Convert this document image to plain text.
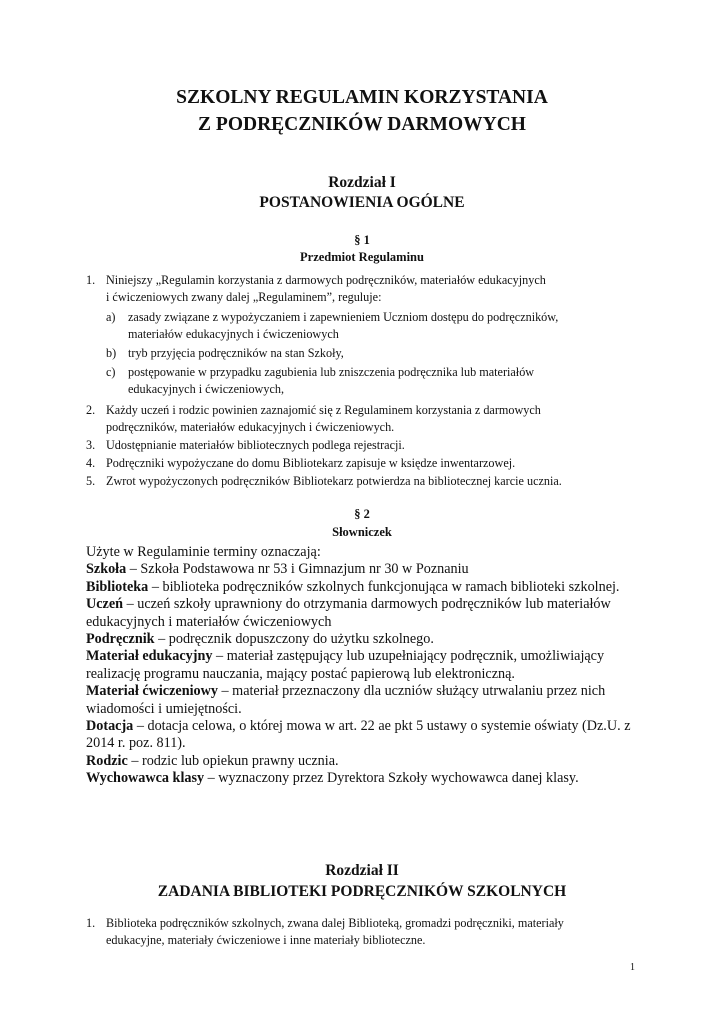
SZKOLNY REGULAMIN KORZYSTANIA
Z PODRĘCZNIKÓW DARMOWYCH
Rozdział I
POSTANOWIENIA OGÓLNE
§ 1
Przedmiot Regulaminu
1. Niniejszy „Regulamin korzystania z darmowych podręczników, materiałów edukacyjnych
i ćwiczeniowych zwany dalej „Regulaminem”, reguluje:
a)	zasady związane z wypożyczaniem i zapewnieniem Uczniom dostępu do podręczników,
materiałów edukacyjnych i ćwiczeniowych
b) tryb przyjęcia podręczników na stan Szkoły,
c)	postępowanie w przypadku zagubienia lub zniszczenia podręcznika lub materiałów
edukacyjnych i ćwiczeniowych,
2. Każdy uczeń i rodzic powinien zaznajomić się z Regulaminem korzystania z darmowych
podręczników, materiałów edukacyjnych i ćwiczeniowych.
3. Udostępnianie materiałów bibliotecznych podlega rejestracji.
4. Podręczniki wypożyczane do domu Bibliotekarz zapisuje w księdze inwentarzowej.
5. Zwrot wypożyczonych podręczników Bibliotekarz potwierdza na bibliotecznej karcie ucznia.
§ 2
Słowniczek

Użyte w Regulaminie terminy oznaczają:

Szkoła – Szkoła Podstawowa nr 53 i Gimnazjum nr 30 w Poznaniu

Biblioteka – biblioteka podręczników szkolnych funkcjonująca w ramach biblioteki szkolnej.

Uczeń – uczeń szkoły uprawniony do otrzymania darmowych podręczników lub materiałów edukacyjnych i materiałów ćwiczeniowych

Podręcznik – podręcznik dopuszczony do użytku szkolnego.

Materiał edukacyjny – materiał zastępujący lub uzupełniający podręcznik, umożliwiający realizację programu nauczania, mający postać papierową lub elektroniczną.

Materiał ćwiczeniowy – materiał przeznaczony dla uczniów służący utrwalaniu przez nich wiadomości i umiejętności.

Dotacja – dotacja celowa, o której mowa w art. 22 ae pkt 5 ustawy o systemie oświaty (Dz.U. z 2014 r. poz. 811).

Rodzic – rodzic lub opiekun prawny ucznia.

Wychowawca klasy – wyznaczony przez Dyrektora Szkoły wychowawca danej klasy.

Rozdział II
ZADANIA BIBLIOTEKI PODRĘCZNIKÓW SZKOLNYCH
1. Biblioteka podręczników szkolnych, zwana dalej Biblioteką, gromadzi podręczniki, materiały
edukacyjne, materiały ćwiczeniowe i inne materiały biblioteczne.
1
